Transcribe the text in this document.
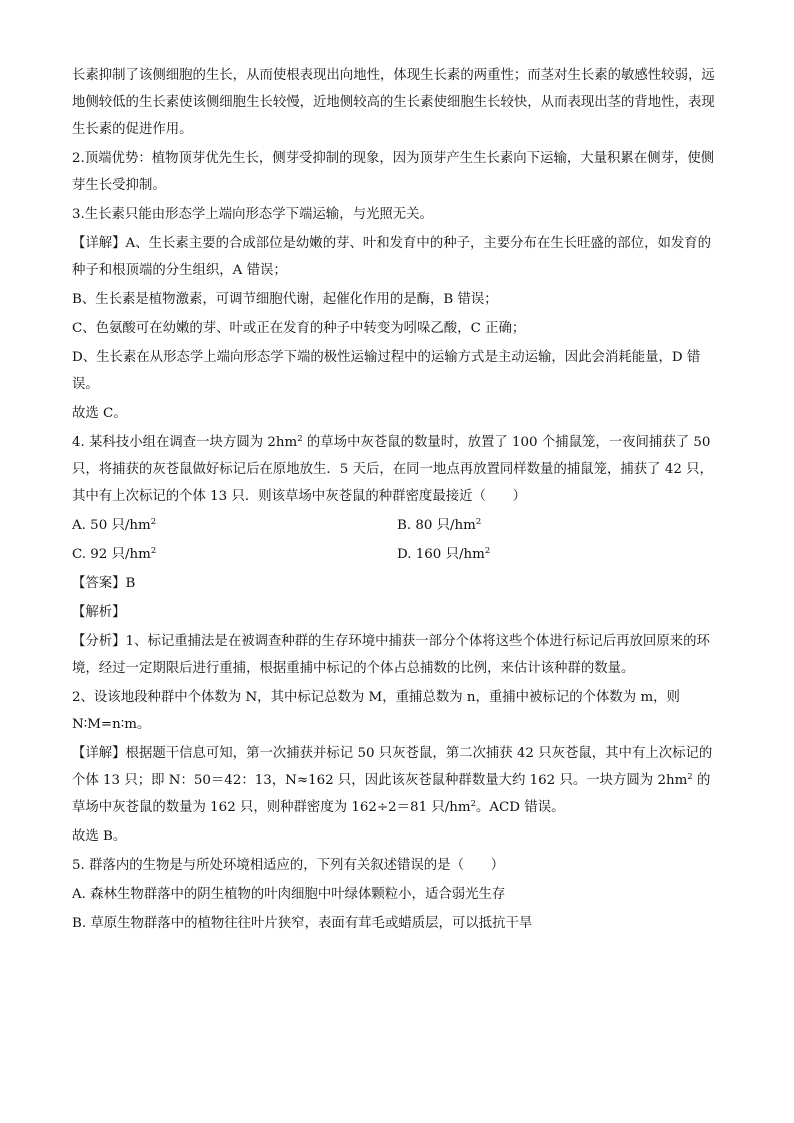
长素抑制了该侧细胞的生长，从而使根表现出向地性，体现生长素的两重性；而茎对生长素的敏感性较弱，远地侧较低的生长素使该侧细胞生长较慢，近地侧较高的生长素使细胞生长较快，从而表现出茎的背地性，表现生长素的促进作用。

2.顶端优势：植物顶芽优先生长，侧芽受抑制的现象，因为顶芽产生生长素向下运输，大量积累在侧芽，使侧芽生长受抑制。

3.生长素只能由形态学上端向形态学下端运输，与光照无关。

【详解】A、生长素主要的合成部位是幼嫩的芽、叶和发育中的种子，主要分布在生长旺盛的部位，如发育的种子和根顶端的分生组织，A 错误；

B、生长素是植物激素，可调节细胞代谢，起催化作用的是酶，B 错误；

C、色氨酸可在幼嫩的芽、叶或正在发育的种子中转变为吲哚乙酸，C 正确；

D、生长素在从形态学上端向形态学下端的极性运输过程中的运输方式是主动运输，因此会消耗能量，D 错误。

故选 C。

4. 某科技小组在调查一块方圆为 $2hm^2$ 的草场中灰苍鼠的数量时，放置了 100 个捕鼠笼，一夜间捕获了 50 只，将捕获的灰苍鼠做好标记后在原地放生．5 天后，在同一地点再放置同样数量的捕鼠笼，捕获了 42 只，其中有上次标记的个体 13 只．则该草场中灰苍鼠的种群密度最接近（　　）

A. 50 只$/hm^2$	B. 80 只$/hm^2$
C. 92 只$/hm^2$	D. 160 只$/hm^2$

【答案】B

【解析】

【分析】1、标记重捕法是在被调查种群的生存环境中捕获一部分个体将这些个体进行标记后再放回原来的环境，经过一定期限后进行重捕，根据重捕中标记的个体占总捕数的比例，来估计该种群的数量。

2、设该地段种群中个体数为 N，其中标记总数为 M，重捕总数为 n，重捕中被标记的个体数为 m，则 N∶M=n∶m。

【详解】根据题干信息可知，第一次捕获并标记 50 只灰苍鼠，第二次捕获 42 只灰苍鼠，其中有上次标记的个体 13 只；即 N：50＝42：13，N≈162 只，因此该灰苍鼠种群数量大约 162 只。一块方圆为 $2hm^2$ 的草场中灰苍鼠的数量为 162 只，则种群密度为 162÷2＝81 只$/hm^2$。ACD 错误。

故选 B。

5. 群落内的生物是与所处环境相适应的，下列有关叙述错误的是（　　）

A. 森林生物群落中的阴生植物的叶肉细胞中叶绿体颗粒小，适合弱光生存

B. 草原生物群落中的植物往往叶片狭窄，表面有茸毛或蜡质层，可以抵抗干旱
